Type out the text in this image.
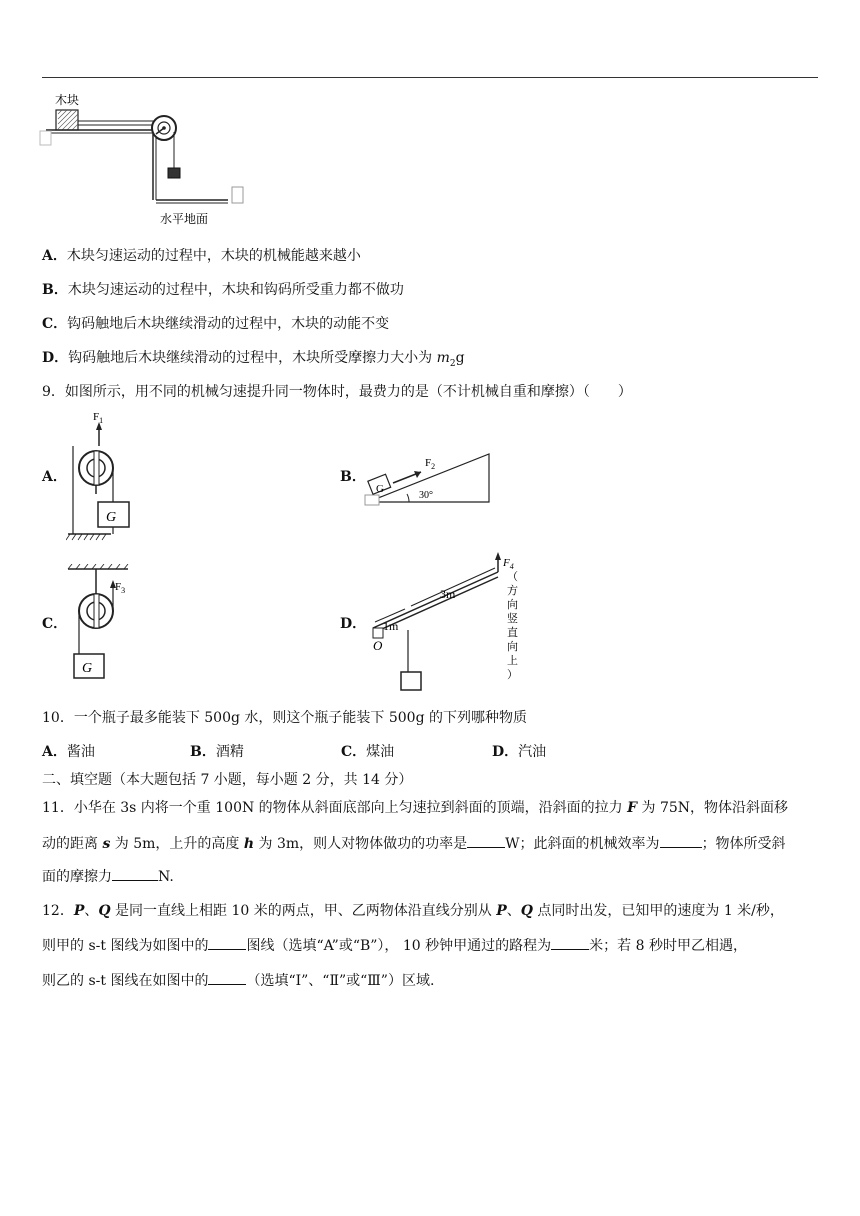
木块
水平地面
A．木块匀速运动的过程中，木块的机械能越来越小
B．木块匀速运动的过程中，木块和钩码所受重力都不做功
C．钩码触地后木块继续滑动的过程中，木块的动能不变
D．钩码触地后木块继续滑动的过程中，木块所受摩擦力大小为 $m_2g$
9．如图所示，用不同的机械匀速提升同一物体时，最费力的是（不计机械自重和摩擦）（　　）
A．
$F_1$
G
B．
G
$F_2$
30°
C．
$F_3$
G
D．
O
1m
3m
$F_4$
（
方
向
竖
直
向
上
）
10．一个瓶子最多能装下 500g 水，则这个瓶子能装下 500g 的下列哪种物质
A．酱油	B．酒精	C．煤油	D．汽油
二、填空题（本大题包括 7 小题，每小题 2 分，共 14 分）
11．小华在 3s 内将一个重 100N 的物体从斜面底部向上匀速拉到斜面的顶端，沿斜面的拉力 F 为 75N，物体沿斜面移
动的距离 s 为 5m，上升的高度 h 为 3m，则人对物体做功的功率是	W；此斜面的机械效率为	；物体所受斜
面的摩擦力	N.
12．P、Q 是同一直线上相距 10 米的两点，甲、乙两物体沿直线分别从 P、Q 点同时出发，已知甲的速度为 1 米/秒，
则甲的 s-t 图线为如图中的	图线（选填“A”或“B”）， 10 秒钟甲通过的路程为	米；若 8 秒时甲乙相遇，
则乙的 s-t 图线在如图中的	（选填“Ⅰ”、“Ⅱ”或“Ⅲ”）区域.
